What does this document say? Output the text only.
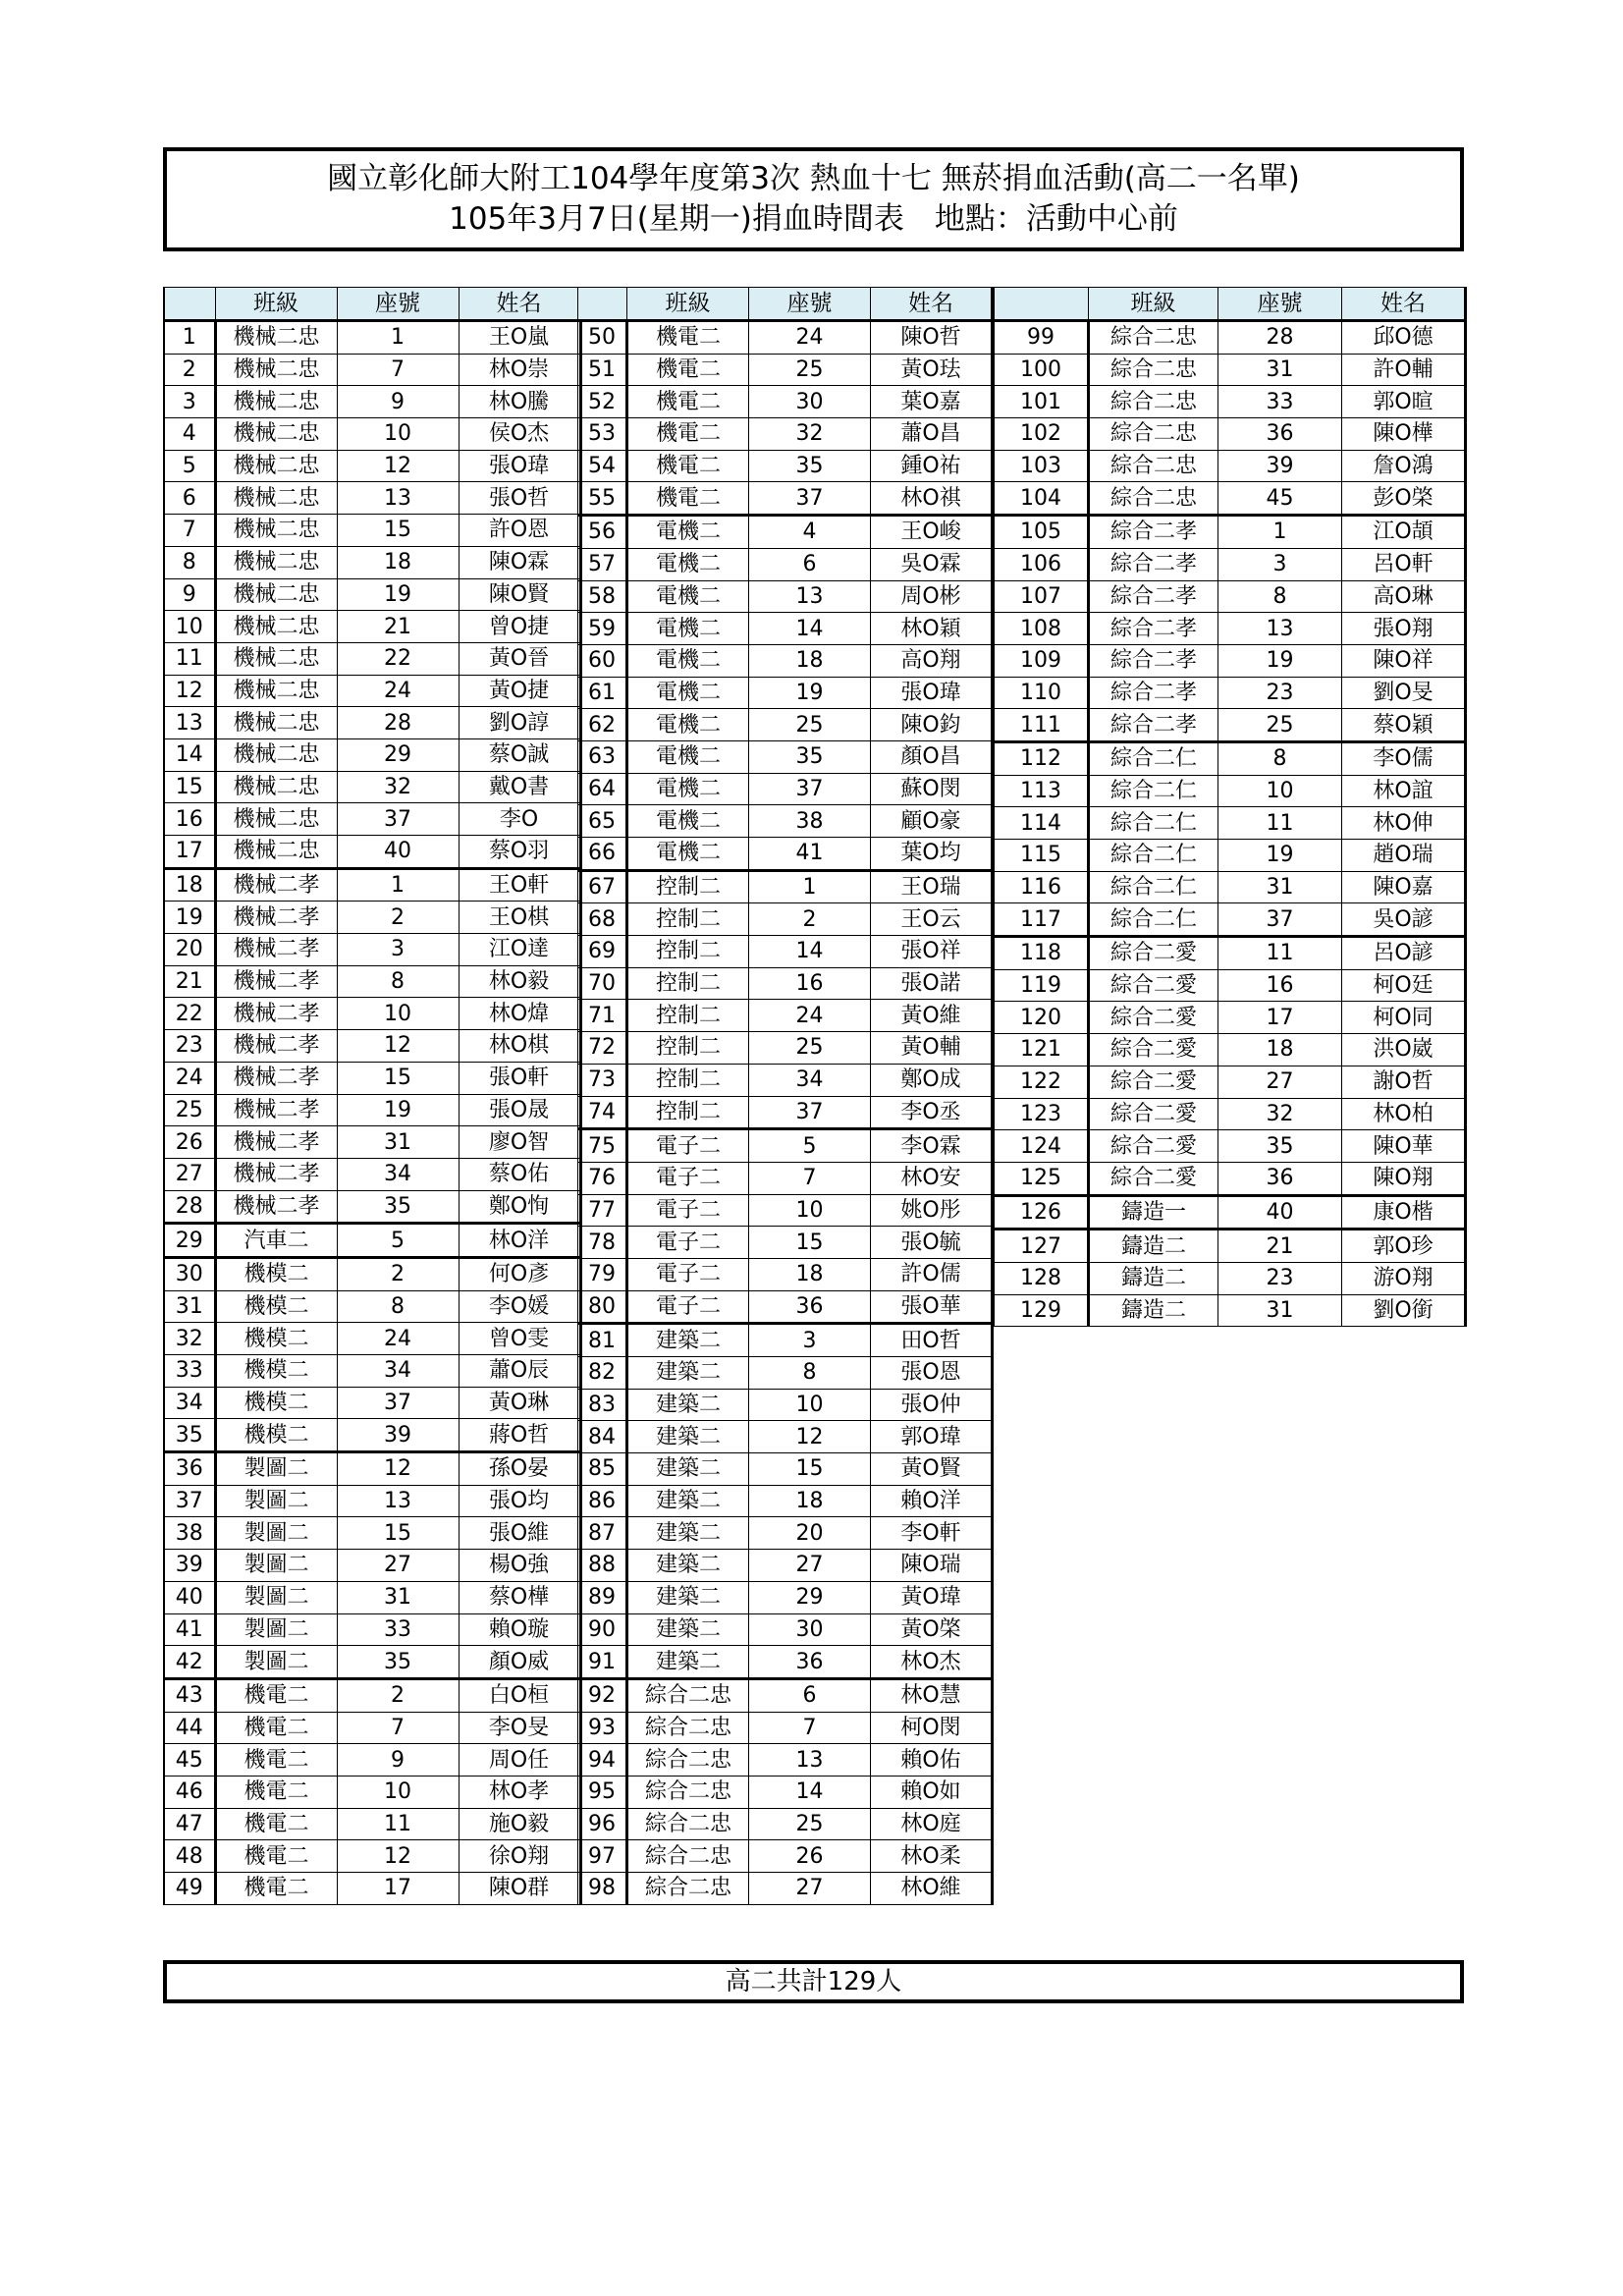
國立彰化師大附工104學年度第3次 熱血十七 無菸捐血活動(高二一名單)
105年3月7日(星期一)捐血時間表　地點：活動中心前
	班級	座號	姓名
1	機械二忠	1	王O嵐
2	機械二忠	7	林O崇
3	機械二忠	9	林O騰
4	機械二忠	10	侯O杰
5	機械二忠	12	張O瑋
6	機械二忠	13	張O哲
7	機械二忠	15	許O恩
8	機械二忠	18	陳O霖
9	機械二忠	19	陳O賢
10	機械二忠	21	曾O捷
11	機械二忠	22	黃O晉
12	機械二忠	24	黃O捷
13	機械二忠	28	劉O諄
14	機械二忠	29	蔡O誠
15	機械二忠	32	戴O書
16	機械二忠	37	李O
17	機械二忠	40	蔡O羽
18	機械二孝	1	王O軒
19	機械二孝	2	王O棋
20	機械二孝	3	江O達
21	機械二孝	8	林O毅
22	機械二孝	10	林O煒
23	機械二孝	12	林O棋
24	機械二孝	15	張O軒
25	機械二孝	19	張O晟
26	機械二孝	31	廖O智
27	機械二孝	34	蔡O佑
28	機械二孝	35	鄭O恂
29	汽車二	5	林O洋
30	機模二	2	何O彥
31	機模二	8	李O媛
32	機模二	24	曾O雯
33	機模二	34	蕭O辰
34	機模二	37	黃O琳
35	機模二	39	蔣O哲
36	製圖二	12	孫O晏
37	製圖二	13	張O均
38	製圖二	15	張O維
39	製圖二	27	楊O強
40	製圖二	31	蔡O樺
41	製圖二	33	賴O璇
42	製圖二	35	顏O威
43	機電二	2	白O桓
44	機電二	7	李O旻
45	機電二	9	周O任
46	機電二	10	林O孝
47	機電二	11	施O毅
48	機電二	12	徐O翔
49	機電二	17	陳O群
	班級	座號	姓名
50	機電二	24	陳O哲
51	機電二	25	黃O珐
52	機電二	30	葉O嘉
53	機電二	32	蕭O昌
54	機電二	35	鍾O祐
55	機電二	37	林O祺
56	電機二	4	王O峻
57	電機二	6	吳O霖
58	電機二	13	周O彬
59	電機二	14	林O穎
60	電機二	18	高O翔
61	電機二	19	張O瑋
62	電機二	25	陳O鈞
63	電機二	35	顏O昌
64	電機二	37	蘇O閔
65	電機二	38	顧O豪
66	電機二	41	葉O均
67	控制二	1	王O瑞
68	控制二	2	王O云
69	控制二	14	張O祥
70	控制二	16	張O諾
71	控制二	24	黃O維
72	控制二	25	黃O輔
73	控制二	34	鄭O成
74	控制二	37	李O丞
75	電子二	5	李O霖
76	電子二	7	林O安
77	電子二	10	姚O彤
78	電子二	15	張O毓
79	電子二	18	許O儒
80	電子二	36	張O華
81	建築二	3	田O哲
82	建築二	8	張O恩
83	建築二	10	張O仲
84	建築二	12	郭O瑋
85	建築二	15	黃O賢
86	建築二	18	賴O洋
87	建築二	20	李O軒
88	建築二	27	陳O瑞
89	建築二	29	黃O瑋
90	建築二	30	黃O棨
91	建築二	36	林O杰
92	綜合二忠	6	林O慧
93	綜合二忠	7	柯O閔
94	綜合二忠	13	賴O佑
95	綜合二忠	14	賴O如
96	綜合二忠	25	林O庭
97	綜合二忠	26	林O柔
98	綜合二忠	27	林O維
	班級	座號	姓名
99	綜合二忠	28	邱O德
100	綜合二忠	31	許O輔
101	綜合二忠	33	郭O暄
102	綜合二忠	36	陳O樺
103	綜合二忠	39	詹O鴻
104	綜合二忠	45	彭O棨
105	綜合二孝	1	江O頡
106	綜合二孝	3	呂O軒
107	綜合二孝	8	高O琳
108	綜合二孝	13	張O翔
109	綜合二孝	19	陳O祥
110	綜合二孝	23	劉O旻
111	綜合二孝	25	蔡O穎
112	綜合二仁	8	李O儒
113	綜合二仁	10	林O誼
114	綜合二仁	11	林O伸
115	綜合二仁	19	趙O瑞
116	綜合二仁	31	陳O嘉
117	綜合二仁	37	吳O諺
118	綜合二愛	11	呂O諺
119	綜合二愛	16	柯O廷
120	綜合二愛	17	柯O同
121	綜合二愛	18	洪O崴
122	綜合二愛	27	謝O哲
123	綜合二愛	32	林O柏
124	綜合二愛	35	陳O華
125	綜合二愛	36	陳O翔
126	鑄造一	40	康O楷
127	鑄造二	21	郭O珍
128	鑄造二	23	游O翔
129	鑄造二	31	劉O銜
高二共計129人
